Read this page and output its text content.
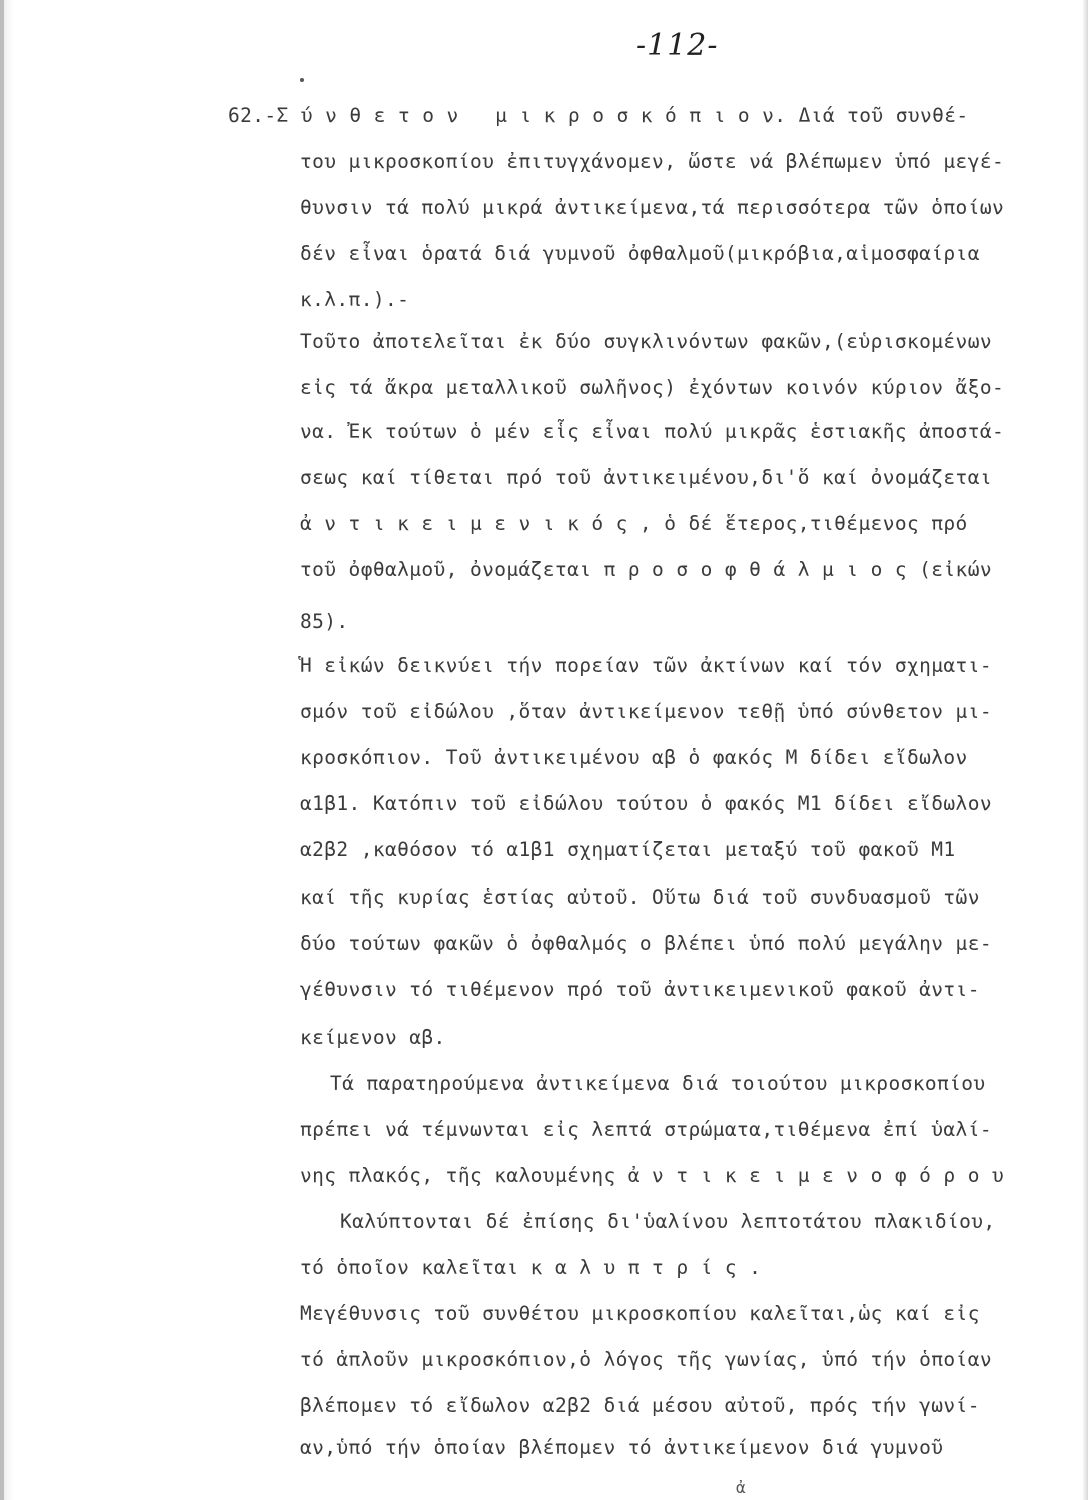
-112-
62.-Σ ύ ν θ ε τ ο ν   μ ι κ ρ ο σ κ ό π ι ο ν. Διά τοῦ συνθέ-
του μικροσκοπίου ἐπιτυγχάνομεν, ὥστε νά βλέπωμεν ὑπό μεγέ-
θυνσιν τά πολύ μικρά ἀντικείμενα,τά περισσότερα τῶν ὁποίων
δέν εἶναι ὁρατά διά γυμνοῦ ὀφθαλμοῦ(μικρόβια,αἱμοσφαίρια
κ.λ.π.).-
Τοῦτο ἀποτελεῖται ἐκ δύο συγκλινόντων φακῶν,(εὑρισκομένων
εἰς τά ἄκρα μεταλλικοῦ σωλῆνος) ἐχόντων κοινόν κύριον ἄξο-
να. Ἐκ τούτων ὁ μέν εἷς εἶναι πολύ μικρᾶς ἑστιακῆς ἀποστά-
σεως καί τίθεται πρό τοῦ ἀντικειμένου,δι'ὅ καί ὀνομάζεται
ἀ ν τ ι κ ε ι μ ε ν ι κ ό ς , ὁ δέ ἕτερος,τιθέμενος πρό
τοῦ ὀφθαλμοῦ, ὀνομάζεται π ρ ο σ ο φ θ ά λ μ ι ο ς (εἰκών
85).
Ἡ εἰκών δεικνύει τήν πορείαν τῶν ἀκτίνων καί τόν σχηματι-
σμόν τοῦ εἰδώλου ,ὅταν ἀντικείμενον τεθῇ ὑπό σύνθετον μι-
κροσκόπιον. Τοῦ ἀντικειμένου αβ ὁ φακός Μ δίδει εἴδωλον
α1β1. Κατόπιν τοῦ εἰδώλου τούτου ὁ φακός Μ1 δίδει εἴδωλον
α2β2 ,καθόσον τό α1β1 σχηματίζεται μεταξύ τοῦ φακοῦ Μ1
καί τῆς κυρίας ἑστίας αὐτοῦ. Οὕτω διά τοῦ συνδυασμοῦ τῶν
δύο τούτων φακῶν ὁ ὀφθαλμός ο βλέπει ὑπό πολύ μεγάλην με-
γέθυνσιν τό τιθέμενον πρό τοῦ ἀντικειμενικοῦ φακοῦ ἀντι-
κείμενον αβ.
Τά παρατηρούμενα ἀντικείμενα διά τοιούτου μικροσκοπίου
πρέπει νά τέμνωνται εἰς λεπτά στρώματα,τιθέμενα ἐπί ὑαλί-
νης πλακός, τῆς καλουμένης ἀ ν τ ι κ ε ι μ ε ν ο φ ό ρ ο υ
Καλύπτονται δέ ἐπίσης δι'ὑαλίνου λεπτοτάτου πλακιδίου,
τό ὁποῖον καλεῖται κ α λ υ π τ ρ ί ς .
Μεγέθυνσις τοῦ συνθέτου μικροσκοπίου καλεῖται,ὡς καί εἰς
τό ἁπλοῦν μικροσκόπιον,ὁ λόγος τῆς γωνίας, ὑπό τήν ὁποίαν
βλέπομεν τό εἴδωλον α2β2 διά μέσου αὐτοῦ, πρός τήν γωνί-
αν,ὑπό τήν ὁποίαν βλέπομεν τό ἀντικείμενον διά γυμνοῦ
ἀ
